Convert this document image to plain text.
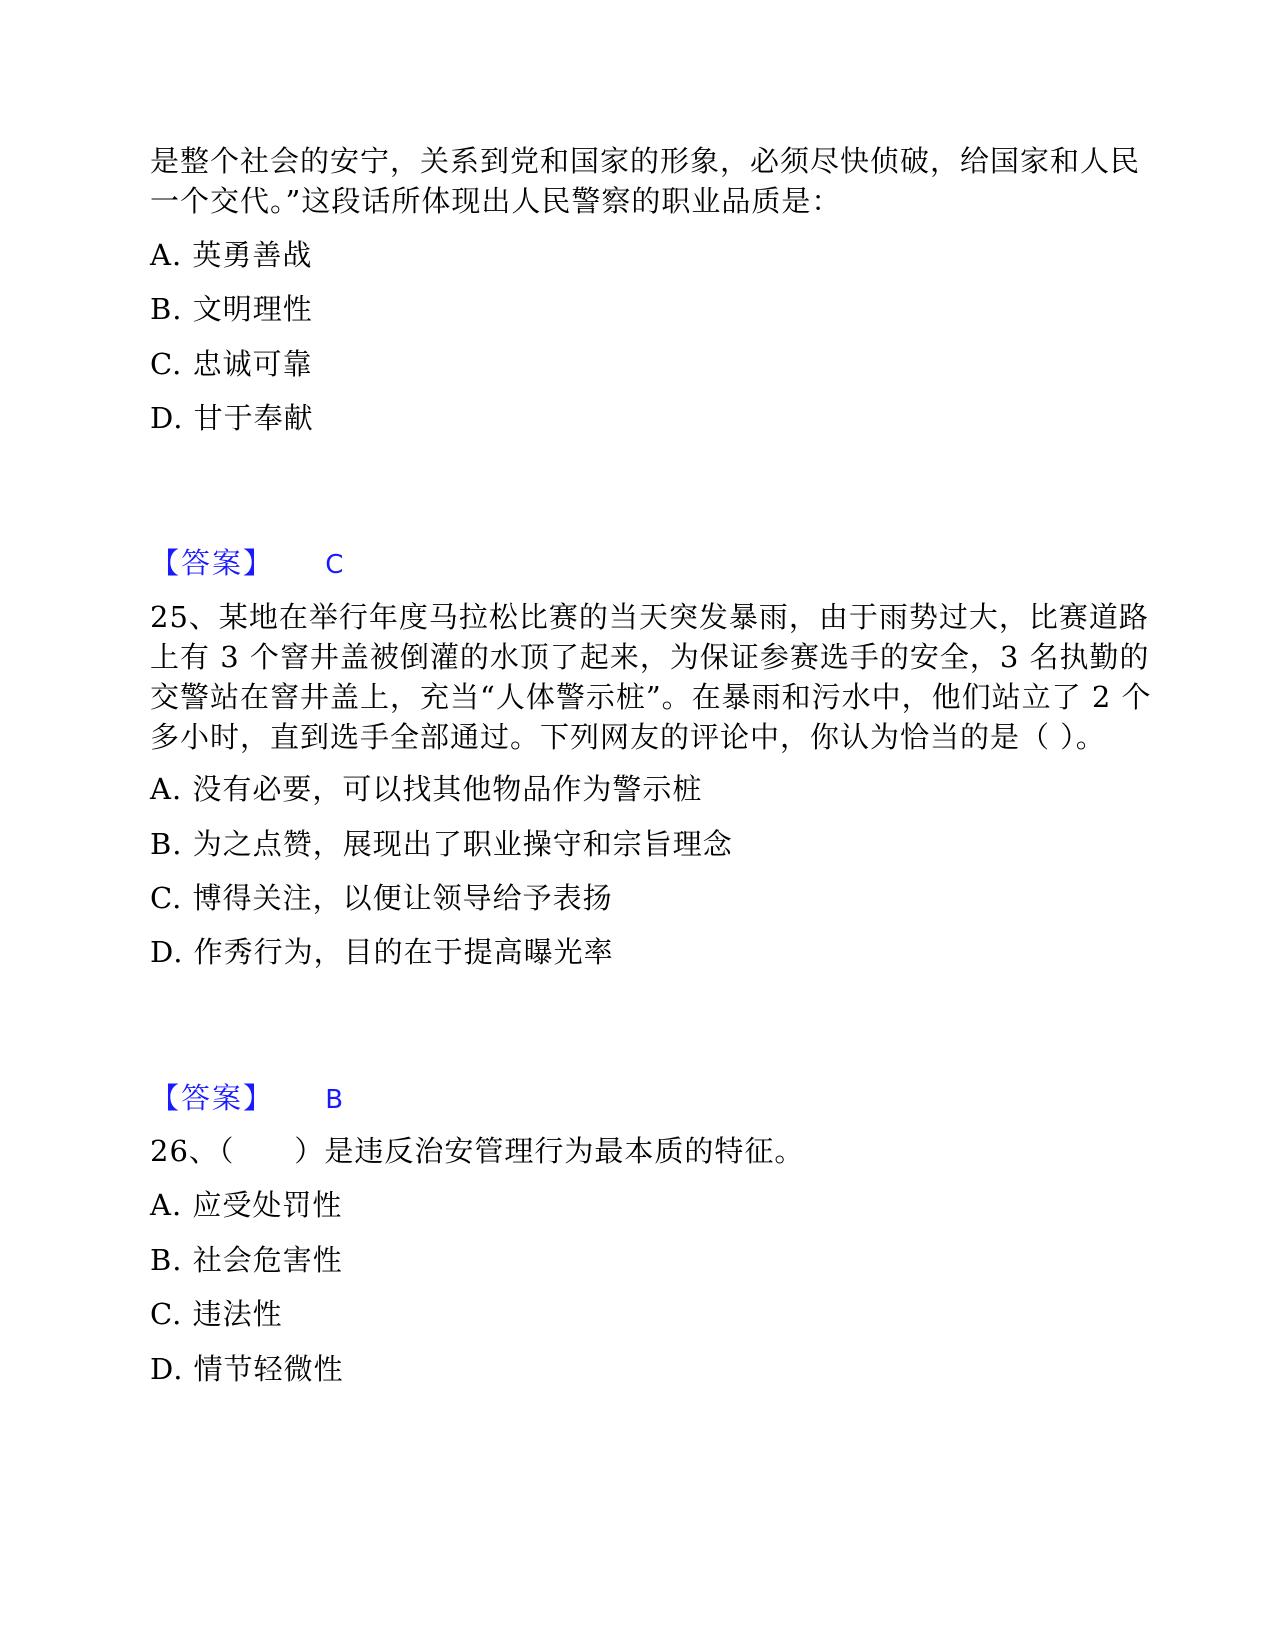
是整个社会的安宁，关系到党和国家的形象，必须尽快侦破，给国家和人民
一个交代。”这段话所体现出人民警察的职业品质是：
A. 英勇善战
B. 文明理性
C. 忠诚可靠
D. 甘于奉献
【答案】 C
25、某地在举行年度马拉松比赛的当天突发暴雨，由于雨势过大，比赛道路
上有 3 个窨井盖被倒灌的水顶了起来，为保证参赛选手的安全，3 名执勤的
交警站在窨井盖上，充当“人体警示桩”。在暴雨和污水中，他们站立了 2 个
多小时，直到选手全部通过。下列网友的评论中，你认为恰当的是（ ）。
A. 没有必要，可以找其他物品作为警示桩
B. 为之点赞，展现出了职业操守和宗旨理念
C. 博得关注，以便让领导给予表扬
D. 作秀行为，目的在于提高曝光率
【答案】 B
26、（　　）是违反治安管理行为最本质的特征。
A. 应受处罚性
B. 社会危害性
C. 违法性
D. 情节轻微性
